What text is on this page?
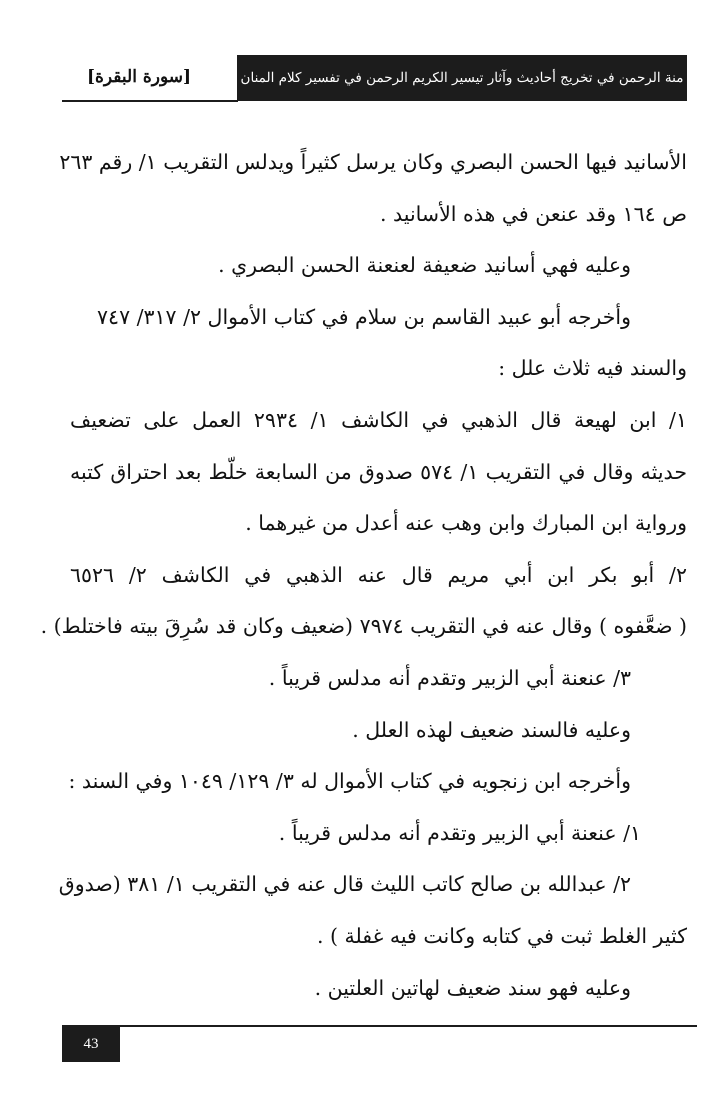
منة الرحمن في تخريج أحاديث وآثار تيسير الكريم الرحمن في تفسير كلام المنان
[سورة البقرة]
الأسانيد فيها الحسن البصري وكان يرسل كثيراً ويدلس التقريب ١/ رقم ٢٦٣
ص ١٦٤ وقد عنعن في هذه الأسانيد .
وعليه فهي أسانيد ضعيفة لعنعنة الحسن البصري .
وأخرجه أبو عبيد القاسم بن سلام في كتاب الأموال ٢/ ٣١٧/ ٧٤٧
والسند فيه ثلاث علل :
١/ ابن لهيعة قال الذهبي في الكاشف ١/ ٢٩٣٤ العمل على تضعيف
حديثه وقال في التقريب ١/ ٥٧٤ صدوق من السابعة خلّط بعد احتراق كتبه
ورواية ابن المبارك وابن وهب عنه أعدل من غيرهما .
٢/ أبو بكر ابن أبي مريم قال عنه الذهبي في الكاشف ٢/ ٦٥٢٦
( ضعَّفوه ) وقال عنه في التقريب ٧٩٧٤ (ضعيف وكان قد سُرِقَ بيته فاختلط) .
٣/ عنعنة أبي الزبير وتقدم أنه مدلس قريباً .
وعليه فالسند ضعيف لهذه العلل .
وأخرجه ابن زنجويه في كتاب الأموال له ٣/ ١٢٩/ ١٠٤٩ وفي السند :
١/ عنعنة أبي الزبير وتقدم أنه مدلس قريباً .
٢/ عبدالله بن صالح كاتب الليث قال عنه في التقريب ١/ ٣٨١ (صدوق
كثير الغلط ثبت في كتابه وكانت فيه غفلة ) .
وعليه فهو سند ضعيف لهاتين العلتين .
43
